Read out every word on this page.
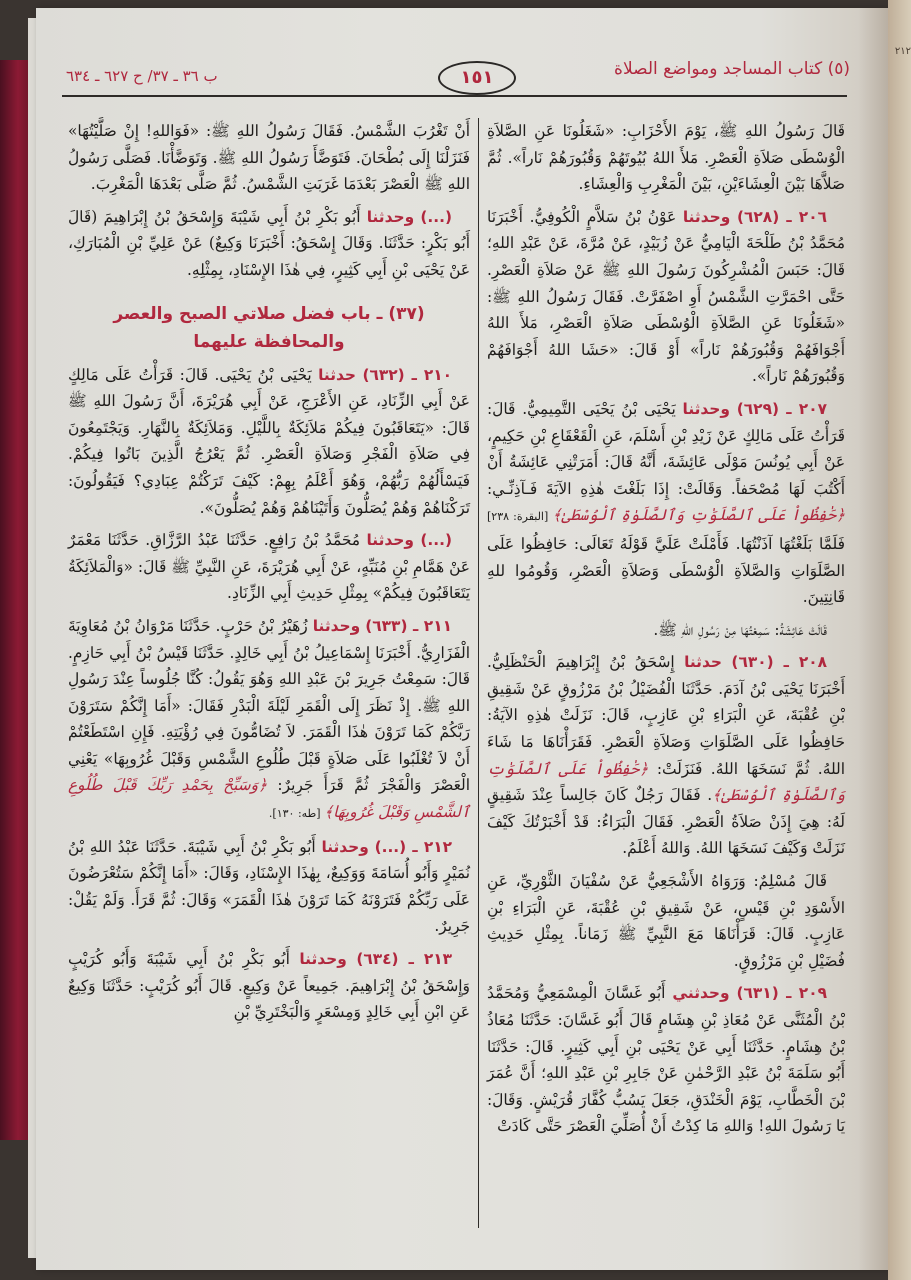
٢١٢
(٥) كتاب المساجد ومواضع الصلاة
١٥١
ب ٣٦ ـ ٣٧/ ح ٦٢٧ ـ ٦٣٤

قَالَ رَسُولُ اللهِ ﷺ، يَوْمَ الأَحْزَابِ: «شَغَلُونَا عَنِ الصَّلاَةِ الْوُسْطَى صَلاَةِ الْعَصْرِ. مَلأَ اللهُ بُيُوتَهُمْ وَقُبُورَهُمْ نَاراً». ثُمَّ صَلاَّهَا بَيْنَ الْعِشَاءَيْنِ، بَيْنَ الْمَغْرِبِ وَالْعِشَاءِ.

٢٠٦ ـ (٦٢٨) وحدثنا عَوْنُ بْنُ سَلاَّمٍ الْكُوفِيُّ. أَخْبَرَنَا مُحَمَّدُ بْنُ طَلْحَةَ الْيَامِيُّ عَنْ زُبَيْدٍ، عَنْ مُرَّةَ، عَنْ عَبْدِ اللهِ؛ قَالَ: حَبَسَ الْمُشْرِكُونَ رَسُولَ اللهِ ﷺ عَنْ صَلاَةِ الْعَصْرِ. حَتَّى احْمَرَّتِ الشَّمْسُ أَوِ اصْفَرَّتْ. فَقَالَ رَسُولُ اللهِ ﷺ: «شَغَلُونَا عَنِ الصَّلاَةِ الْوُسْطَى صَلاَةِ الْعَصْرِ، مَلأَ اللهُ أَجْوَافَهُمْ وَقُبُورَهُمْ نَاراً» أَوْ قَالَ: «حَشَا اللهُ أَجْوَافَهُمْ وَقُبُورَهُمْ نَاراً».

٢٠٧ ـ (٦٢٩) وحدثنا يَحْيَى بْنُ يَحْيَى التَّمِيمِيُّ. قَالَ: قَرَأْتُ عَلَى مَالِكٍ عَنْ زَيْدِ بْنِ أَسْلَمَ، عَنِ الْقَعْقَاعِ بْنِ حَكِيمٍ، عَنْ أَبِي يُونُسَ مَوْلَى عَائِشَةَ، أَنَّهُ قَالَ: أَمَرَتْنِي عَائِشَةُ أَنْ أَكْتُبَ لَهَا مُصْحَفاً. وَقَالَتْ: إِذَا بَلَغْتَ هٰذِهِ الآيَةَ فَـآذِنِّـي: ﴿حَٰفِظُواْ عَلَى ٱلصَّلَوَٰتِ وَٱلصَّلَوٰةِ ٱلْوُسْطَىٰ﴾ [البقرة: ٢٣٨] فَلَمَّا بَلَغْتُهَا آذَنْتُهَا. فَأَمْلَتْ عَلَيَّ قَوْلَهُ تَعَالَى: حَافِظُوا عَلَى الصَّلَوَاتِ وَالصَّلاَةِ الْوُسْطَى وَصَلاَةِ الْعَصْرِ، وَقُومُوا للهِ قَانِتِينَ.

قَالَتْ عَائِشَةُ: سَمِعْتُهَا مِنْ رَسُولِ اللهِ ﷺ.

٢٠٨ ـ (٦٣٠) حدثنا إِسْحَقُ بْنُ إِبْرَاهِيمَ الْحَنْظَلِيُّ. أَخْبَرَنَا يَحْيَى بْنُ آدَمَ. حَدَّثَنَا الْفُضَيْلُ بْنُ مَرْزُوقٍ عَنْ شَقِيقِ بْنِ عُقْبَةَ، عَنِ الْبَرَاءِ بْنِ عَازِبٍ، قَالَ: نَزَلَتْ هٰذِهِ الآيَةُ: حَافِظُوا عَلَى الصَّلَوَاتِ وَصَلاَةِ الْعَصْرِ. فَقَرَأْنَاهَا مَا شَاءَ اللهُ. ثُمَّ نَسَخَهَا اللهُ. فَنَزَلَتْ: ﴿حَٰفِظُواْ عَلَى ٱلصَّلَوَٰتِ وَٱلصَّلَوٰةِ ٱلْوُسْطَىٰ﴾. فَقَالَ رَجُلٌ كَانَ جَالِساً عِنْدَ شَقِيقٍ لَهُ: هِيَ إِذَنْ صَلاَةُ الْعَصْرِ. فَقَالَ الْبَرَاءُ: قَدْ أَخْبَرْتُكَ كَيْفَ نَزَلَتْ وَكَيْفَ نَسَخَهَا اللهُ. وَاللهُ أَعْلَمُ.

قَالَ مُسْلِمٌ: وَرَوَاهُ الأَشْجَعِيُّ عَنْ سُفْيَانَ الثَّوْرِيِّ، عَنِ الأَسْوَدِ بْنِ قَيْسٍ، عَنْ شَقِيقِ بْنِ عُقْبَةَ، عَنِ الْبَرَاءِ بْنِ عَازِبٍ. قَالَ: قَرَأْنَاهَا مَعَ النَّبِيِّ ﷺ زَمَاناً. بِمِثْلِ حَدِيثِ فُضَيْلِ بْنِ مَرْزُوقٍ.

٢٠٩ ـ (٦٣١) وحدثني أَبُو غَسَّانَ الْمِسْمَعِيُّ وَمُحَمَّدُ بْنُ الْمُثَنَّى عَنْ مُعَاذِ بْنِ هِشَامٍ قَالَ أَبُو غَسَّانَ: حَدَّثَنَا مُعَاذُ بْنُ هِشَامٍ. حَدَّثَنَا أَبِي عَنْ يَحْيَى بْنِ أَبِي كَثِيرٍ. قَالَ: حَدَّثَنَا أَبُو سَلَمَةَ بْنُ عَبْدِ الرَّحْمٰنِ عَنْ جَابِرِ بْنِ عَبْدِ اللهِ؛ أَنَّ عُمَرَ بْنَ الْخَطَّابِ، يَوْمَ الْخَنْدَقِ، جَعَلَ يَسُبُّ كُفَّارَ قُرَيْشٍ. وَقَالَ: يَا رَسُولَ اللهِ! وَاللهِ مَا كِدْتُ أَنْ أُصَلِّيَ الْعَصْرَ حَتَّى كَادَتْ

أَنْ تَغْرُبَ الشَّمْسُ. فَقَالَ رَسُولُ اللهِ ﷺ: «فَوَاللهِ! إِنْ صَلَّيْتُهَا» فَنَزَلْنَا إِلَى بُطْحَانَ. فَتَوَضَّأَ رَسُولُ اللهِ ﷺ. وَتَوَضَّأْنَا. فَصَلَّى رَسُولُ اللهِ ﷺ الْعَصْرَ بَعْدَمَا غَرَبَتِ الشَّمْسُ. ثُمَّ صَلَّى بَعْدَهَا الْمَغْرِبَ.

(...) وحدثنا أَبُو بَكْرِ بْنُ أَبِي شَيْبَةَ وَإِسْحَقُ بْنُ إِبْرَاهِيمَ (قَالَ أَبُو بَكْرٍ: حَدَّثَنَا. وَقَالَ إِسْحَقُ: أَخْبَرَنَا وَكِيعٌ) عَنْ عَلِيِّ بْنِ الْمُبَارَكِ، عَنْ يَحْيَى بْنِ أَبِي كَثِيرٍ، فِي هٰذَا الإِسْنَادِ، بِمِثْلِهِ.

(٣٧) ـ باب فضل صلاتي الصبح والعصر
والمحافظة عليهما

٢١٠ ـ (٦٣٢) حدثنا يَحْيَى بْنُ يَحْيَى. قَالَ: قَرَأْتُ عَلَى مَالِكٍ عَنْ أَبِي الزِّنَادِ، عَنِ الأَعْرَجِ، عَنْ أَبِي هُرَيْرَةَ، أَنَّ رَسُولَ اللهِ ﷺ قَالَ: «يَتَعَاقَبُونَ فِيكُمْ مَلاَئِكَةٌ بِاللَّيْلِ. وَمَلاَئِكَةٌ بِالنَّهَارِ. وَيَجْتَمِعُونَ فِي صَلاَةِ الْفَجْرِ وَصَلاَةِ الْعَصْرِ. ثُمَّ يَعْرُجُ الَّذِينَ بَاتُوا فِيكُمْ. فَيَسْأَلُهُمْ رَبُّهُمْ، وَهُوَ أَعْلَمُ بِهِمْ: كَيْفَ تَرَكْتُمْ عِبَادِي؟ فَيَقُولُونَ: تَرَكْنَاهُمْ وَهُمْ يُصَلُّونَ وَأَتَيْنَاهُمْ وَهُمْ يُصَلُّونَ».

(...) وحدثنا مُحَمَّدُ بْنُ رَافِعٍ. حَدَّثَنَا عَبْدُ الرَّزَّاقِ. حَدَّثَنَا مَعْمَرٌ عَنْ هَمَّامِ بْنِ مُنَبِّهٍ، عَنْ أَبِي هُرَيْرَةَ، عَنِ النَّبِيِّ ﷺ قَالَ: «وَالْمَلاَئِكَةُ يَتَعَاقَبُونَ فِيكُمْ» بِمِثْلِ حَدِيثِ أَبِي الزِّنَادِ.

٢١١ ـ (٦٣٣) وحدثنا زُهَيْرُ بْنُ حَرْبٍ. حَدَّثَنَا مَرْوَانُ بْنُ مُعَاوِيَةَ الْفَزَارِيُّ. أَخْبَرَنَا إِسْمَاعِيلُ بْنُ أَبِي خَالِدٍ. حَدَّثَنَا قَيْسُ بْنُ أَبِي حَازِمٍ. قَالَ: سَمِعْتُ جَرِيرَ بْنَ عَبْدِ اللهِ وَهُوَ يَقُولُ: كُنَّا جُلُوساً عِنْدَ رَسُولِ اللهِ ﷺ. إِذْ نَظَرَ إِلَى الْقَمَرِ لَيْلَةَ الْبَدْرِ فَقَالَ: «أَمَا إِنَّكُمْ سَتَرَوْنَ رَبَّكُمْ كَمَا تَرَوْنَ هٰذَا الْقَمَرَ. لاَ تُضَامُّونَ فِي رُؤْيَتِهِ. فَإِنِ اسْتَطَعْتُمْ أَنْ لاَ تُغْلَبُوا عَلَى صَلاَةٍ قَبْلَ طُلُوعِ الشَّمْسِ وَقَبْلَ غُرُوبِهَا» يَعْنِي الْعَصْرَ وَالْفَجْرَ ثُمَّ قَرَأَ جَرِيرٌ: ﴿وَسَبِّحْ بِحَمْدِ رَبِّكَ قَبْلَ طُلُوعِ ٱلشَّمْسِ وَقَبْلَ غُرُوبِهَا﴾ [طه: ١٣٠].

٢١٢ ـ (...) وحدثنا أَبُو بَكْرِ بْنُ أَبِي شَيْبَةَ. حَدَّثَنَا عَبْدُ اللهِ بْنُ نُمَيْرٍ وَأَبُو أُسَامَةَ وَوَكِيعٌ، بِهٰذَا الإِسْنَادِ، وَقَالَ: «أَمَا إِنَّكُمْ سَتُعْرَضُونَ عَلَى رَبِّكُمْ فَتَرَوْنَهُ كَمَا تَرَوْنَ هٰذَا الْقَمَرَ» وَقَالَ: ثُمَّ قَرَأَ. وَلَمْ يَقُلْ: جَرِيرٌ.

٢١٣ ـ (٦٣٤) وحدثنا أَبُو بَكْرِ بْنُ أَبِي شَيْبَةَ وَأَبُو كُرَيْبٍ وَإِسْحَقُ بْنُ إِبْرَاهِيمَ. جَمِيعاً عَنْ وَكِيعٍ. قَالَ أَبُو كُرَيْبٍ: حَدَّثَنَا وَكِيعٌ عَنِ ابْنِ أَبِي خَالِدٍ وَمِسْعَرٍ وَالْبَخْتَرِيِّ بْنِ
